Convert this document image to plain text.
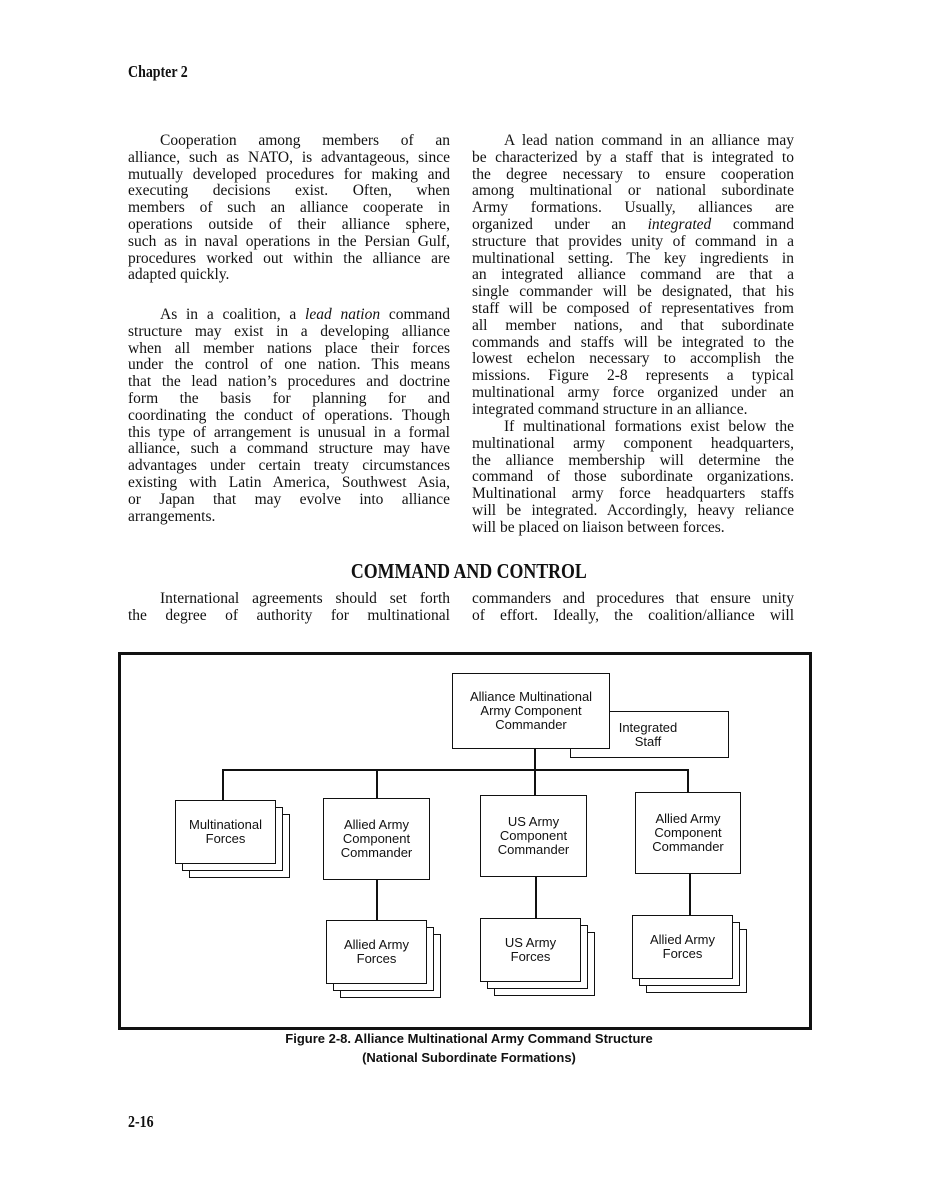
Chapter 2
Cooperation among members of an
alliance, such as NATO, is advantageous, since
mutually developed procedures for making and
executing decisions exist. Often, when
members of such an alliance cooperate in
operations outside of their alliance sphere,
such as in naval operations in the Persian Gulf,
procedures worked out within the alliance are
adapted quickly.
As in a coalition, a lead nation command
structure may exist in a developing alliance
when all member nations place their forces
under the control of one nation. This means
that the lead nation’s procedures and doctrine
form the basis for planning for and
coordinating the conduct of operations. Though
this type of arrangement is unusual in a formal
alliance, such a command structure may have
advantages under certain treaty circumstances
existing with Latin America, Southwest Asia,
or Japan that may evolve into alliance
arrangements.
A lead nation command in an alliance may
be characterized by a staff that is integrated to
the degree necessary to ensure cooperation
among multinational or national subordinate
Army formations. Usually, alliances are
organized under an integrated command
structure that provides unity of command in a
multinational setting. The key ingredients in
an integrated alliance command are that a
single commander will be designated, that his
staff will be composed of representatives from
all member nations, and that subordinate
commands and staffs will be integrated to the
lowest echelon necessary to accomplish the
missions. Figure 2-8 represents a typical
multinational army force organized under an
integrated command structure in an alliance.
If multinational formations exist below the
multinational army component headquarters,
the alliance membership will determine the
command of those subordinate organizations.
Multinational army force headquarters staffs
will be integrated. Accordingly, heavy reliance
will be placed on liaison between forces.
COMMAND AND CONTROL
International agreements should set forth
the degree of authority for multinational
commanders and procedures that ensure unity
of effort. Ideally, the coalition/alliance will
Integrated Staff
Alliance Multinational Army Component Commander
Multinational Forces
Allied Army Component Commander
US Army Component Commander
Allied Army Component Commander
Allied Army Forces
US Army Forces
Allied Army Forces
Figure 2-8. Alliance Multinational Army Command Structure
(National Subordinate Formations)
2-16
